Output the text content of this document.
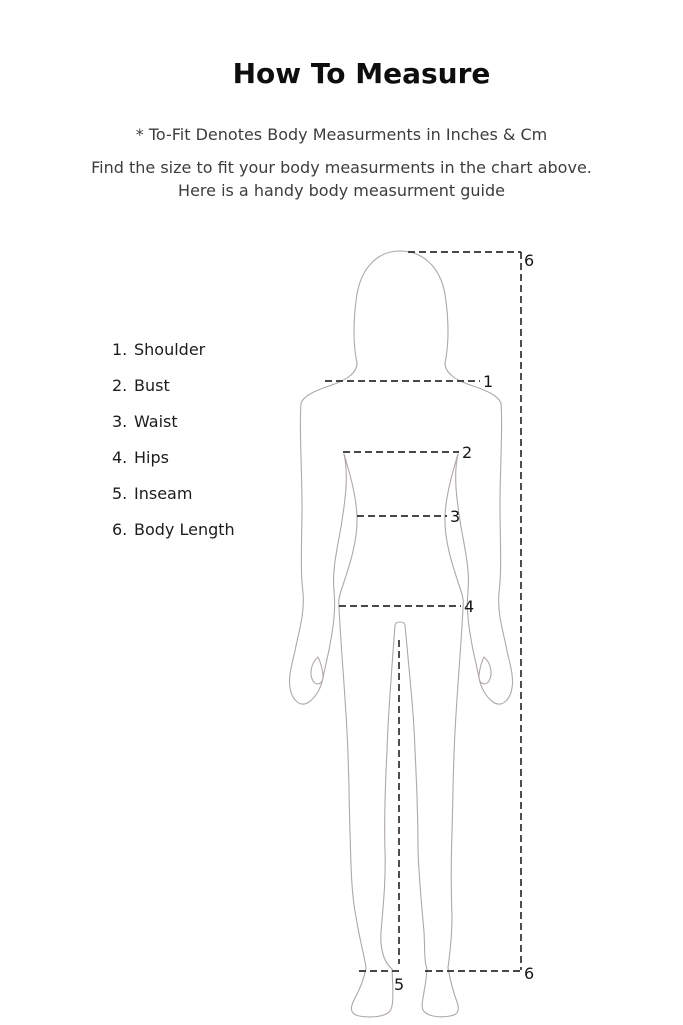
How To Measure

* To-Fit Denotes Body Measurments in Inches & Cm

Find the size to fit your body measurments in the chart above.
Here is a handy body measurment guide

1. Shoulder
2. Bust
3. Waist
4. Hips
5. Inseam
6. Body Length
1
2
3
4
5
6
6
